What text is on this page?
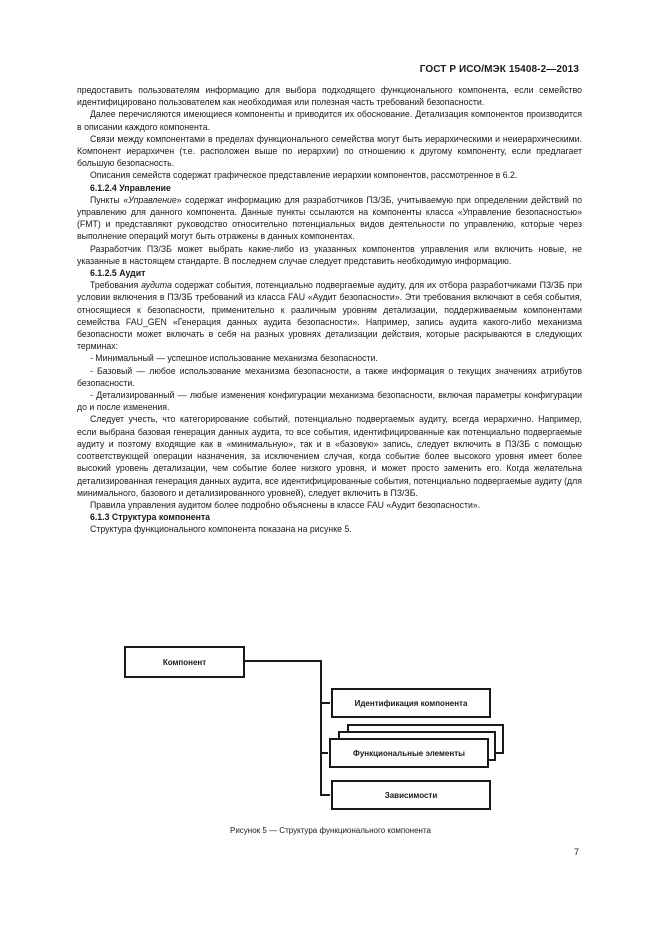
ГОСТ Р ИСО/МЭК 15408-2—2013

предоставить пользователям информацию для выбора подходящего функционального компонента, если семейство идентифицировано пользователем как необходимая или полезная часть требований безопасности.

Далее перечисляются имеющиеся компоненты и приводится их обоснование. Детализация компонентов производится в описании каждого компонента.

Связи между компонентами в пределах функционального семейства могут быть иерархическими и неиерархическими. Компонент иерархичен (т.е. расположен выше по иерархии) по отношению к другому компоненту, если предлагает большую безопасность.

Описания семейств содержат графическое представление иерархии компонентов, рассмотренное в 6.2.

6.1.2.4 Управление

Пункты «Управление» содержат информацию для разработчиков ПЗ/ЗБ, учитываемую при определении действий по управлению для данного компонента. Данные пункты ссылаются на компоненты класса «Управление безопасностью» (FMT) и представляют руководство относительно потенциальных видов деятельности по управлению, которые через выполнение операций могут быть отражены в данных компонентах.

Разработчик ПЗ/ЗБ может выбрать какие-либо из указанных компонентов управления или включить новые, не указанные в настоящем стандарте. В последнем случае следует представить необходимую информацию.

6.1.2.5 Аудит

Требования аудита содержат события, потенциально подвергаемые аудиту, для их отбора разработчиками ПЗ/ЗБ при условии включения в ПЗ/ЗБ требований из класса FAU «Аудит безопасности». Эти требования включают в себя события, относящиеся к безопасности, применительно к различным уровням детализации, поддерживаемым компонентами семейства FAU_GEN «Генерация данных аудита безопасности». Например, запись аудита какого-либо механизма безопасности может включать в себя на разных уровнях детализации действия, которые раскрываются в следующих терминах:

- Минимальный — успешное использование механизма безопасности.

- Базовый — любое использование механизма безопасности, а также информация о текущих значениях атрибутов безопасности.

- Детализированный — любые изменения конфигурации механизма безопасности, включая параметры конфигурации до и после изменения.

Следует учесть, что категорирование событий, потенциально подвергаемых аудиту, всегда иерархично. Например, если выбрана базовая генерация данных аудита, то все события, идентифицированные как потенциально подвергаемые аудиту и поэтому входящие как в «минимальную», так и в «базовую» запись, следует включить в ПЗ/ЗБ с помощью соответствующей операции назначения, за исключением случая, когда событие более высокого уровня имеет более высокий уровень детализации, чем событие более низкого уровня, и может просто заменить его. Когда желательна детализированная генерация данных аудита, все идентифицированные события, потенциально подвергаемые аудиту (для минимального, базового и детализированного уровней), следует включить в ПЗ/ЗБ.

Правила управления аудитом более подробно объяснены в классе FAU «Аудит безопасности».

6.1.3 Структура компонента

Структура функционального компонента показана на рисунке 5.

Компонент
Идентификация компонента
Функциональные элементы
Зависимости
Рисунок 5 — Структура функционального компонента
7
